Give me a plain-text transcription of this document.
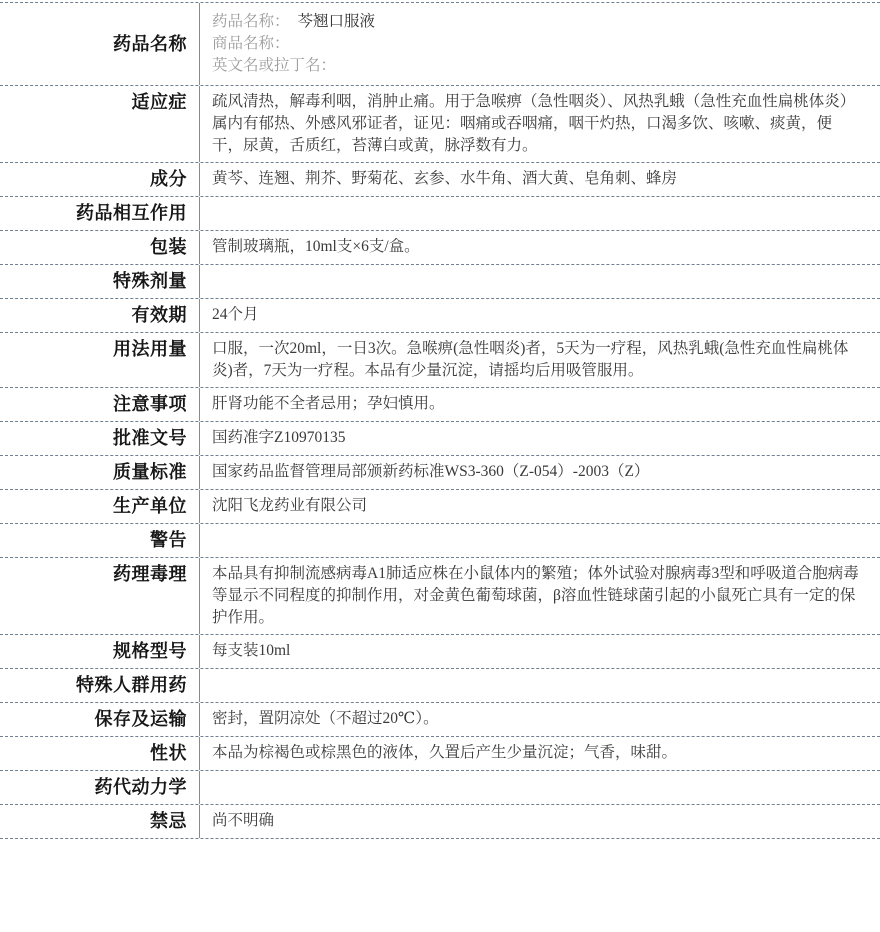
药品名称
药品名称： 芩翘口服液
商品名称：
英文名或拉丁名：
适应症	疏风清热，解毒利咽，消肿止痛。用于急喉痹（急性咽炎）、风热乳蛾（急性充血性扁桃体炎）属内有郁热、外感风邪证者，证见：咽痛或吞咽痛，咽干灼热，口渴多饮、咳嗽、痰黄，便干，尿黄，舌质红，苔薄白或黄，脉浮数有力。
成分	黄芩、连翘、荆芥、野菊花、玄参、水牛角、酒大黄、皂角刺、蜂房
药品相互作用
包装	管制玻璃瓶，10ml支×6支/盒。
特殊剂量
有效期	24个月
用法用量	口服，一次20ml，一日3次。急喉痹(急性咽炎)者，5天为一疗程，风热乳蛾(急性充血性扁桃体炎)者，7天为一疗程。本品有少量沉淀，请摇均后用吸管服用。
注意事项	肝肾功能不全者忌用；孕妇慎用。
批准文号	国药准字Z10970135
质量标准	国家药品监督管理局部颁新药标准WS3-360（Z-054）-2003（Z）
生产单位	沈阳飞龙药业有限公司
警告
药理毒理	本品具有抑制流感病毒A1肺适应株在小鼠体内的繁殖；体外试验对腺病毒3型和呼吸道合胞病毒等显示不同程度的抑制作用，对金黄色葡萄球菌，β溶血性链球菌引起的小鼠死亡具有一定的保护作用。
规格型号	每支装10ml
特殊人群用药
保存及运输	密封，置阴凉处（不超过20℃）。
性状	本品为棕褐色或棕黑色的液体，久置后产生少量沉淀；气香，味甜。
药代动力学
禁忌	尚不明确
